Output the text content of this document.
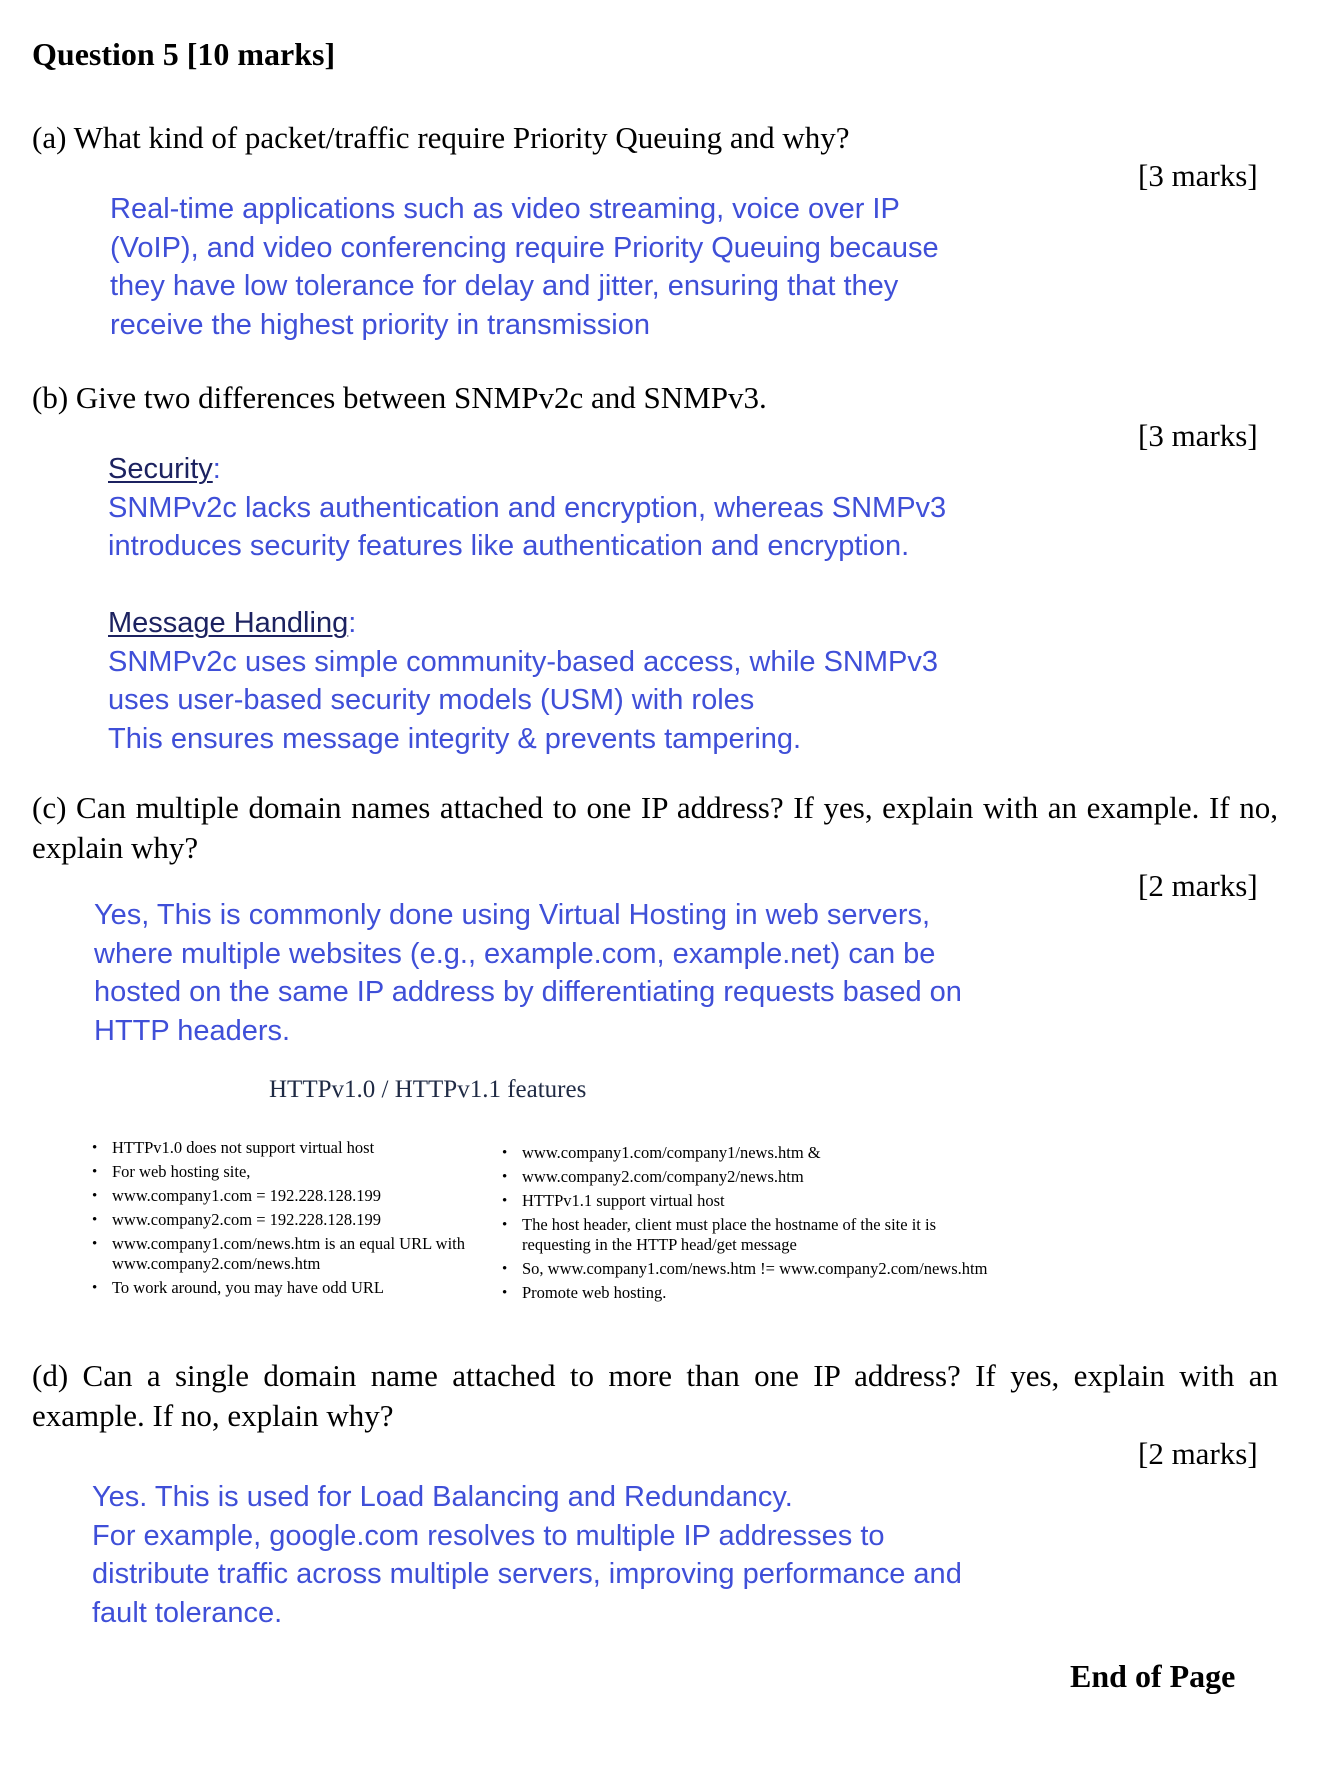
Question 5 [10 marks]
(a) What kind of packet/traffic require Priority Queuing and why?
[3 marks]
Real-time applications such as video streaming, voice over IP
(VoIP), and video conferencing require Priority Queuing because
they have low tolerance for delay and jitter, ensuring that they
receive the highest priority in transmission
(b) Give two differences between SNMPv2c and SNMPv3.
[3 marks]
Security:
SNMPv2c lacks authentication and encryption, whereas SNMPv3
introduces security features like authentication and encryption.
Message Handling:
SNMPv2c uses simple community-based access, while SNMPv3
uses user-based security models (USM) with roles
This ensures message integrity & prevents tampering.
(c) Can multiple domain names attached to one IP address? If yes, explain with an example. If no, explain why?
[2 marks]
Yes, This is commonly done using Virtual Hosting in web servers,
where multiple websites (e.g., example.com, example.net) can be
hosted on the same IP address by differentiating requests based on
HTTP headers.
HTTPv1.0 / HTTPv1.1 features
• HTTPv1.0 does not support virtual host
• For web hosting site,
• www.company1.com = 192.228.128.199
• www.company2.com = 192.228.128.199
• www.company1.com/news.htm is an equal URL with www.company2.com/news.htm
• To work around, you may have odd URL
• www.company1.com/company1/news.htm &
• www.company2.com/company2/news.htm
• HTTPv1.1 support virtual host
• The host header, client must place the hostname of the site it is requesting in the HTTP head/get message
• So, www.company1.com/news.htm != www.company2.com/news.htm
• Promote web hosting.
(d) Can a single domain name attached to more than one IP address? If yes, explain with an example. If no, explain why?
[2 marks]
Yes. This is used for Load Balancing and Redundancy.
For example, google.com resolves to multiple IP addresses to
distribute traffic across multiple servers, improving performance and
fault tolerance.
End of Page
